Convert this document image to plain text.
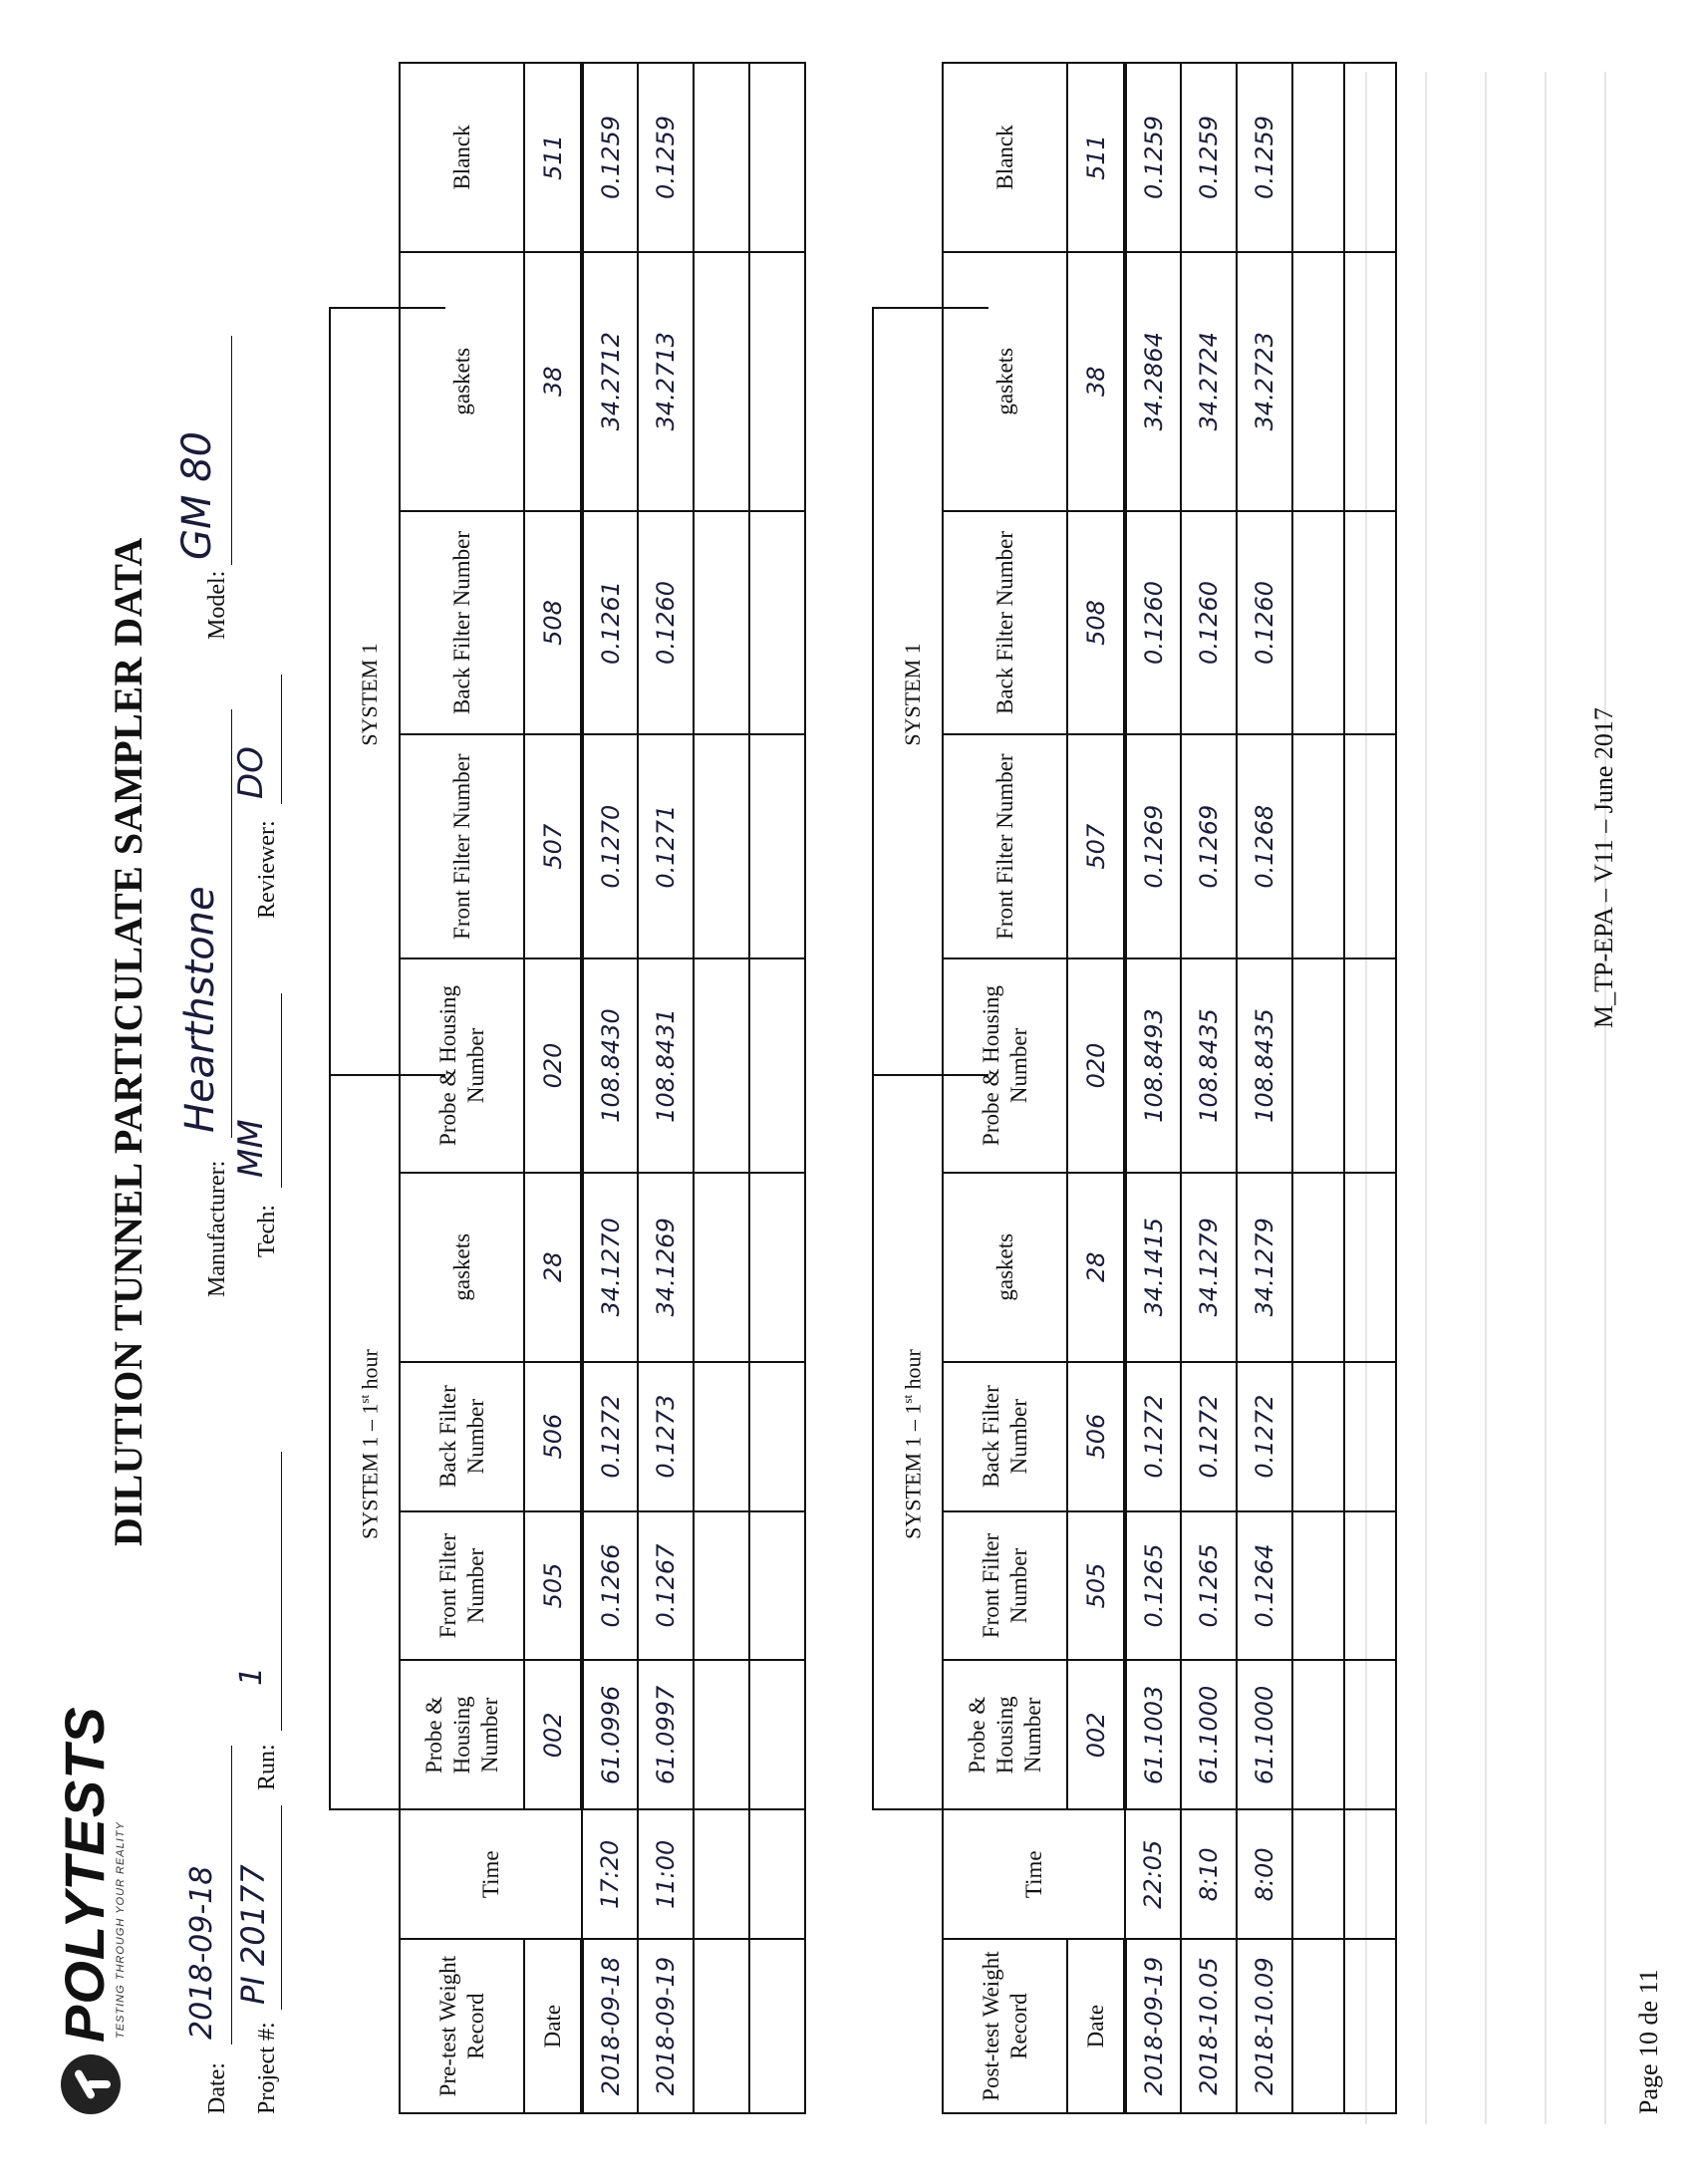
POLYTESTS TESTING THROUGH YOUR REALITY
DILUTION TUNNEL PARTICULATE SAMPLER DATA
Date:
2018-09-18
Manufacturer:
Hearthstone
Model:
GM 80
Project #:
PI 20177
Run:
1
Tech:
MM
Reviewer:
DO
SYSTEM 1 – 1st hour
SYSTEM 1
Pre-test Weight Record	Time	Probe & Housing Number	Front Filter Number	Back Filter Number	gaskets	Probe & Housing Number	Front Filter Number	Back Filter Number	gaskets	Blanck
Date		002	505	506	28	020	507	508	38	511
2018-09-18	17:20	61.0996	0.1266	0.1272	34.1270	108.8430	0.1270	0.1261	34.2712	0.1259
2018-09-19	11:00	61.0997	0.1267	0.1273	34.1269	108.8431	0.1271	0.1260	34.2713	0.1259

SYSTEM 1 – 1st hour
SYSTEM 1
Post-test Weight Record	Time	Probe & Housing Number	Front Filter Number	Back Filter Number	gaskets	Probe & Housing Number	Front Filter Number	Back Filter Number	gaskets	Blanck
Date		002	505	506	28	020	507	508	38	511
2018-09-19	22:05	61.1003	0.1265	0.1272	34.1415	108.8493	0.1269	0.1260	34.2864	0.1259
2018-10.05	8:10	61.1000	0.1265	0.1272	34.1279	108.8435	0.1269	0.1260	34.2724	0.1259
2018-10.09	8:00	61.1000	0.1264	0.1272	34.1279	108.8435	0.1268	0.1260	34.2723	0.1259

Page 10 de 11
M_TP-EPA – V11 – June 2017
